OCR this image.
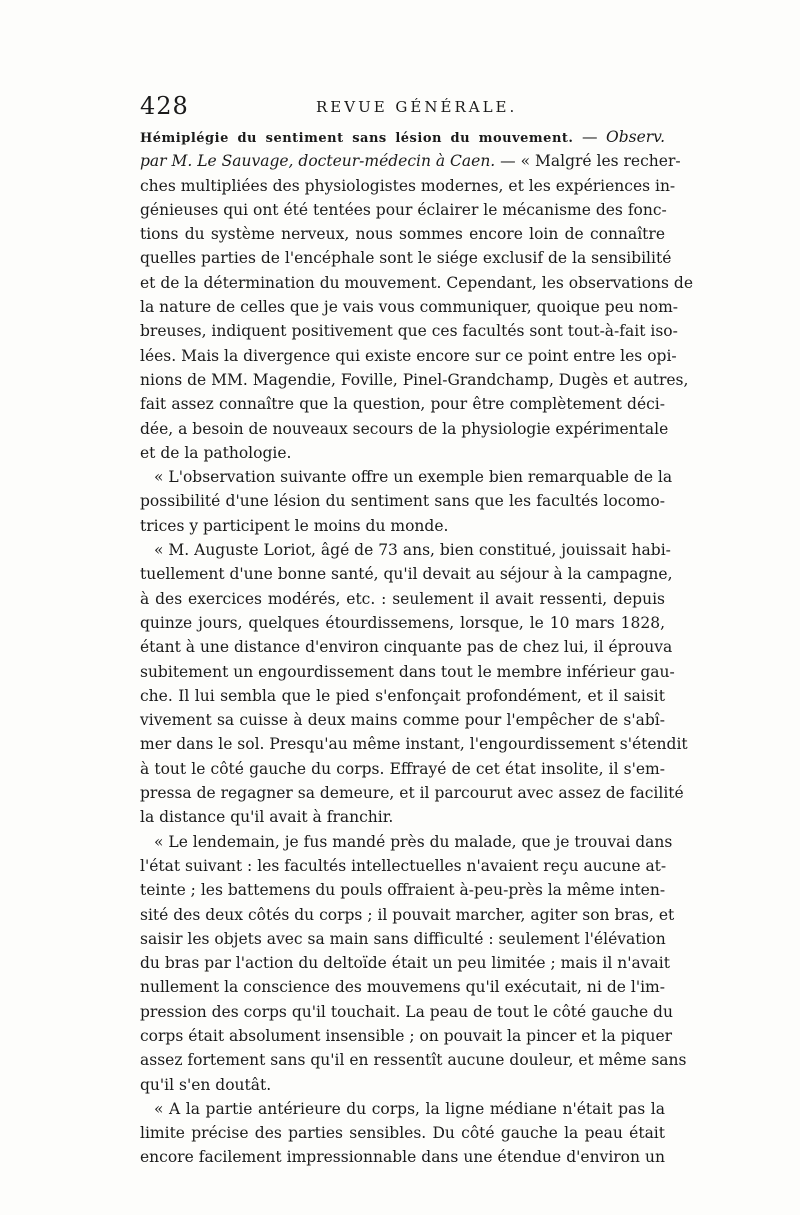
428	REVUE GÉNÉRALE.
Hémiplégie du sentiment sans lésion du mouvement. — Observ.
par M. Le Sauvage, docteur-médecin à Caen. — « Malgré les recher-
ches multipliées des physiologistes modernes, et les expériences in-
génieuses qui ont été tentées pour éclairer le mécanisme des fonc-
tions du système nerveux, nous sommes encore loin de connaître
quelles parties de l'encéphale sont le siége exclusif de la sensibilité
et de la détermination du mouvement. Cependant, les observations de
la nature de celles que je vais vous communiquer, quoique peu nom-
breuses, indiquent positivement que ces facultés sont tout-à-fait iso-
lées. Mais la divergence qui existe encore sur ce point entre les opi-
nions de MM. Magendie, Foville, Pinel-Grandchamp, Dugès et autres,
fait assez connaître que la question, pour être complètement déci-
dée, a besoin de nouveaux secours de la physiologie expérimentale
et de la pathologie.
« L'observation suivante offre un exemple bien remarquable de la
possibilité d'une lésion du sentiment sans que les facultés locomo-
trices y participent le moins du monde.
« M. Auguste Loriot, âgé de 73 ans, bien constitué, jouissait habi-
tuellement d'une bonne santé, qu'il devait au séjour à la campagne,
à des exercices modérés, etc. : seulement il avait ressenti, depuis
quinze jours, quelques étourdissemens, lorsque, le 10 mars 1828,
étant à une distance d'environ cinquante pas de chez lui, il éprouva
subitement un engourdissement dans tout le membre inférieur gau-
che. Il lui sembla que le pied s'enfonçait profondément, et il saisit
vivement sa cuisse à deux mains comme pour l'empêcher de s'abî-
mer dans le sol. Presqu'au même instant, l'engourdissement s'étendit
à tout le côté gauche du corps. Effrayé de cet état insolite, il s'em-
pressa de regagner sa demeure, et il parcourut avec assez de facilité
la distance qu'il avait à franchir.
« Le lendemain, je fus mandé près du malade, que je trouvai dans
l'état suivant : les facultés intellectuelles n'avaient reçu aucune at-
teinte ; les battemens du pouls offraient à-peu-près la même inten-
sité des deux côtés du corps ; il pouvait marcher, agiter son bras, et
saisir les objets avec sa main sans difficulté : seulement l'élévation
du bras par l'action du deltoïde était un peu limitée ; mais il n'avait
nullement la conscience des mouvemens qu'il exécutait, ni de l'im-
pression des corps qu'il touchait. La peau de tout le côté gauche du
corps était absolument insensible ; on pouvait la pincer et la piquer
assez fortement sans qu'il en ressentît aucune douleur, et même sans
qu'il s'en doutât.
« A la partie antérieure du corps, la ligne médiane n'était pas la
limite précise des parties sensibles. Du côté gauche la peau était
encore facilement impressionnable dans une étendue d'environ un
